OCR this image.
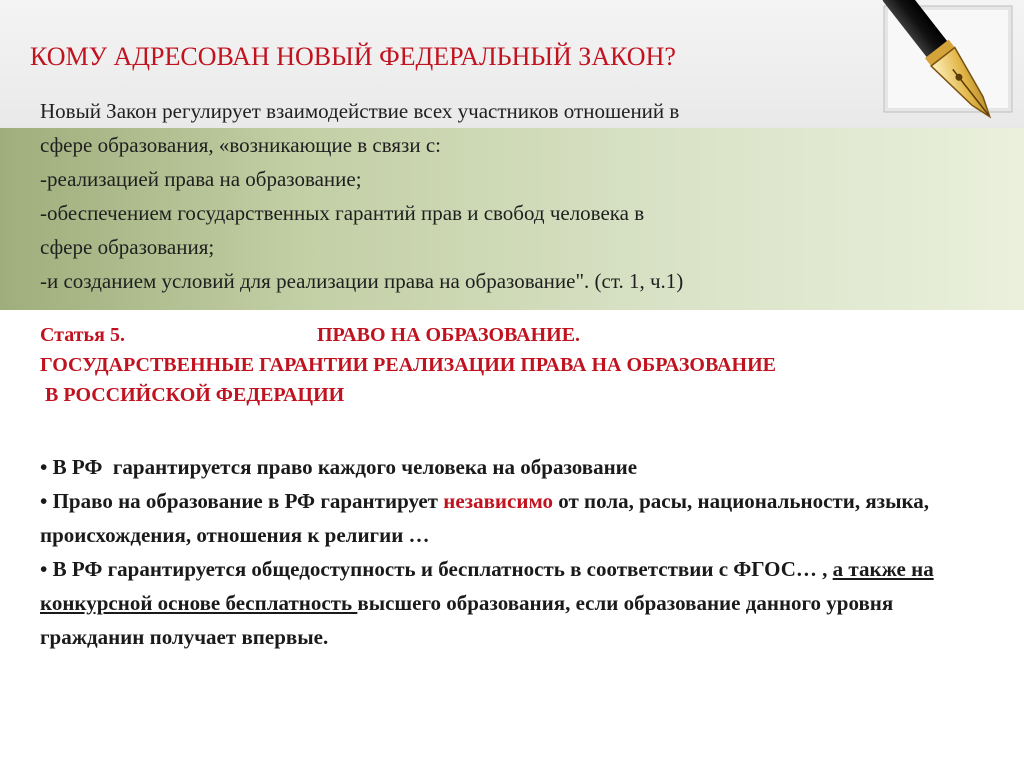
КОМУ АДРЕСОВАН НОВЫЙ ФЕДЕРАЛЬНЫЙ ЗАКОН?
Новый Закон регулирует взаимодействие всех участников отношений в
сфере образования, «возникающие в связи с:
-реализацией права на образование;
-обеспечением государственных гарантий прав и свобод человека в
сфере образования;
-и созданием условий для реализации права на образование". (ст. 1, ч.1)
Статья 5.	ПРАВО НА ОБРАЗОВАНИЕ.
ГОСУДАРСТВЕННЫЕ ГАРАНТИИ РЕАЛИЗАЦИИ ПРАВА НА ОБРАЗОВАНИЕ
В РОССИЙСКОЙ ФЕДЕРАЦИИ

• В РФ  гарантируется право каждого человека на образование

• Право на образование в РФ гарантирует независимо от пола, расы, национальности, языка, происхождения, отношения к религии …

• В РФ гарантируется общедоступность и бесплатность в соответствии с ФГОС… , а также на конкурсной основе бесплатность высшего образования, если образование данного уровня гражданин получает впервые.
